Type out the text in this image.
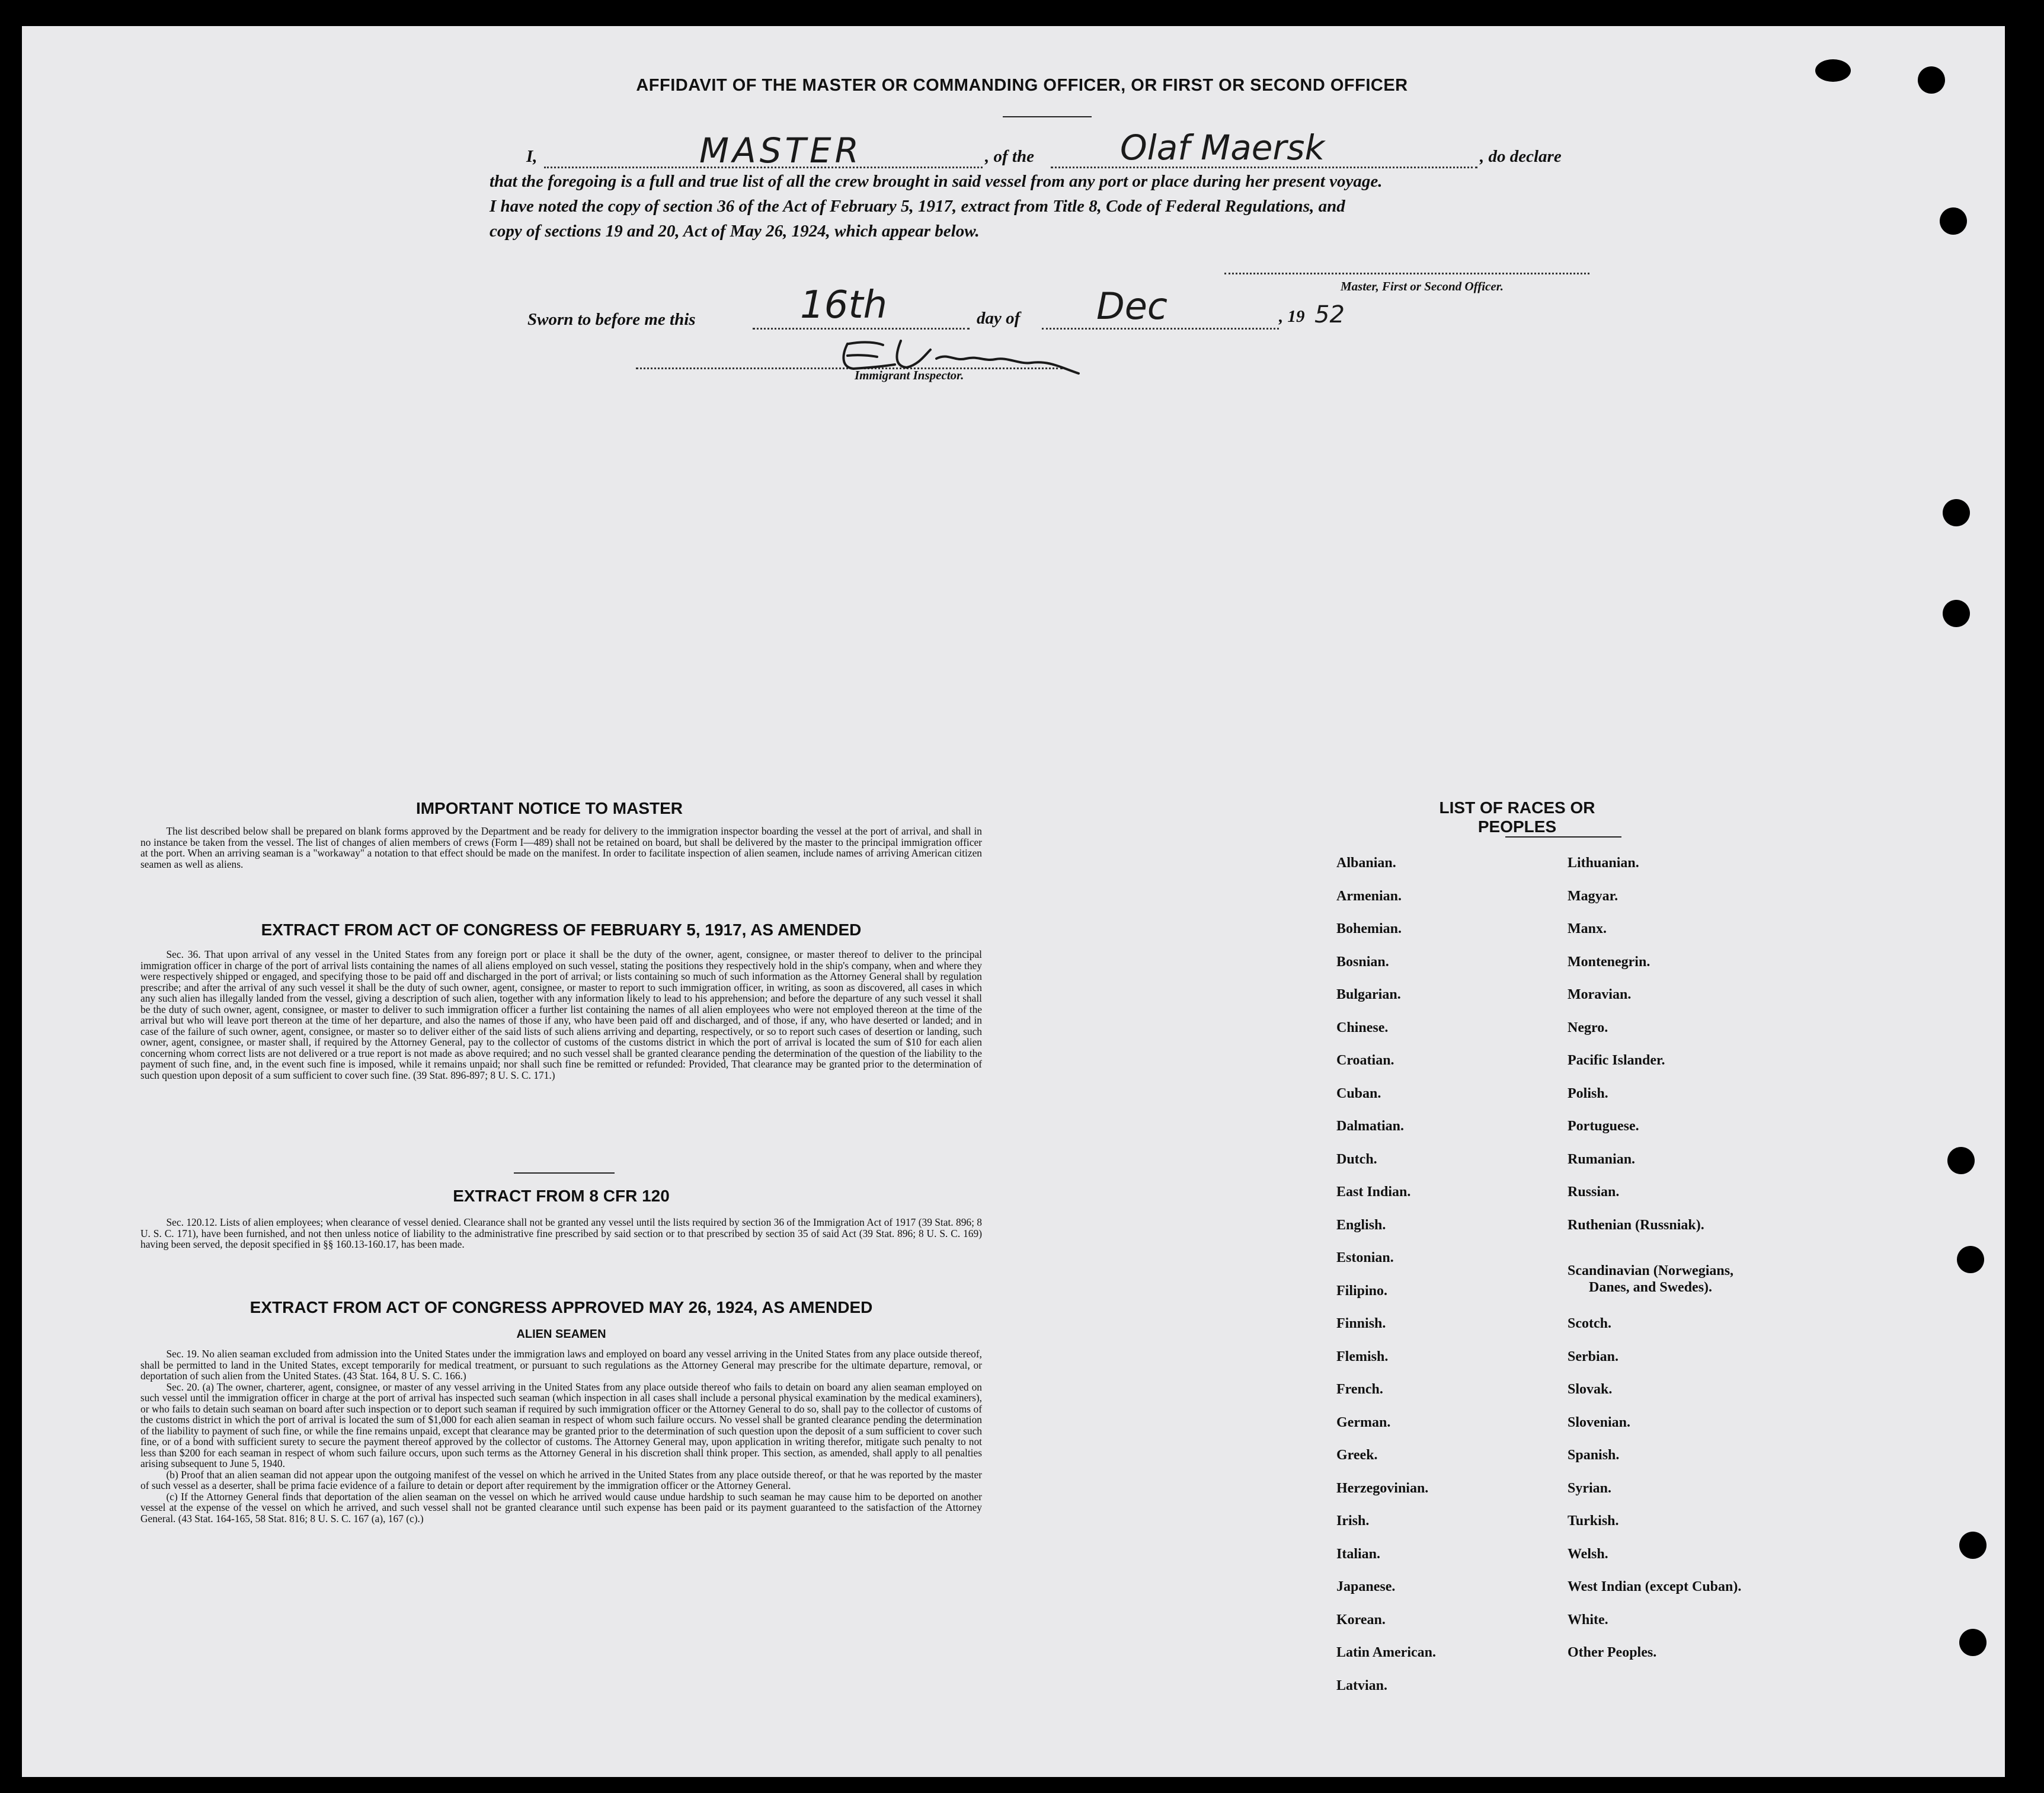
AFFIDAVIT OF THE MASTER OR COMMANDING OFFICER, OR FIRST OR SECOND OFFICER
I,	MASTER	, of the	Olaf Maersk	, do declare
that the foregoing is a full and true list of all the crew brought in said vessel from any port or place during her present voyage.
I have noted the copy of section 36 of the Act of February 5, 1917, extract from Title 8, Code of Federal Regulations, and
copy of sections 19 and 20, Act of May 26, 1924, which appear below.
Master, First or Second Officer.
Sworn to before me this	16th	day of Dec	, 19 52
Immigrant Inspector.
IMPORTANT NOTICE TO MASTER

The list described below shall be prepared on blank forms approved by the Department and be ready for delivery to the immigration inspector boarding the vessel at the port of arrival, and shall in no instance be taken from the vessel. The list of changes of alien members of crews (Form I—489) shall not be retained on board, but shall be delivered by the master to the principal immigration officer at the port. When an arriving seaman is a "workaway" a notation to that effect should be made on the manifest. In order to facilitate inspection of alien seamen, include names of arriving American citizen seamen as well as aliens.

EXTRACT FROM ACT OF CONGRESS OF FEBRUARY 5, 1917, AS AMENDED

Sec. 36. That upon arrival of any vessel in the United States from any foreign port or place it shall be the duty of the owner, agent, consignee, or master thereof to deliver to the principal immigration officer in charge of the port of arrival lists containing the names of all aliens employed on such vessel, stating the positions they respectively hold in the ship's company, when and where they were respectively shipped or engaged, and specifying those to be paid off and discharged in the port of arrival; or lists containing so much of such information as the Attorney General shall by regulation prescribe; and after the arrival of any such vessel it shall be the duty of such owner, agent, consignee, or master to report to such immigration officer, in writing, as soon as discovered, all cases in which any such alien has illegally landed from the vessel, giving a description of such alien, together with any information likely to lead to his apprehension; and before the departure of any such vessel it shall be the duty of such owner, agent, consignee, or master to deliver to such immigration officer a further list containing the names of all alien employees who were not employed thereon at the time of the arrival but who will leave port thereon at the time of her departure, and also the names of those if any, who have been paid off and discharged, and of those, if any, who have deserted or landed; and in case of the failure of such owner, agent, consignee, or master so to deliver either of the said lists of such aliens arriving and departing, respectively, or so to report such cases of desertion or landing, such owner, agent, consignee, or master shall, if required by the Attorney General, pay to the collector of customs of the customs district in which the port of arrival is located the sum of $10 for each alien concerning whom correct lists are not delivered or a true report is not made as above required; and no such vessel shall be granted clearance pending the determination of the question of the liability to the payment of such fine, and, in the event such fine is imposed, while it remains unpaid; nor shall such fine be remitted or refunded: Provided, That clearance may be granted prior to the determination of such question upon deposit of a sum sufficient to cover such fine. (39 Stat. 896-897; 8 U. S. C. 171.)

EXTRACT FROM 8 CFR 120

Sec. 120.12. Lists of alien employees; when clearance of vessel denied. Clearance shall not be granted any vessel until the lists required by section 36 of the Immigration Act of 1917 (39 Stat. 896; 8 U. S. C. 171), have been furnished, and not then unless notice of liability to the administrative fine prescribed by said section or to that prescribed by section 35 of said Act (39 Stat. 896; 8 U. S. C. 169) having been served, the deposit specified in §§ 160.13-160.17, has been made.

EXTRACT FROM ACT OF CONGRESS APPROVED MAY 26, 1924, AS AMENDED
ALIEN SEAMEN

Sec. 19. No alien seaman excluded from admission into the United States under the immigration laws and employed on board any vessel arriving in the United States from any place outside thereof, shall be permitted to land in the United States, except temporarily for medical treatment, or pursuant to such regulations as the Attorney General may prescribe for the ultimate departure, removal, or deportation of such alien from the United States. (43 Stat. 164, 8 U. S. C. 166.)

Sec. 20. (a) The owner, charterer, agent, consignee, or master of any vessel arriving in the United States from any place outside thereof who fails to detain on board any alien seaman employed on such vessel until the immigration officer in charge at the port of arrival has inspected such seaman (which inspection in all cases shall include a personal physical examination by the medical examiners), or who fails to detain such seaman on board after such inspection or to deport such seaman if required by such immigration officer or the Attorney General to do so, shall pay to the collector of customs of the customs district in which the port of arrival is located the sum of $1,000 for each alien seaman in respect of whom such failure occurs. No vessel shall be granted clearance pending the determination of the liability to payment of such fine, or while the fine remains unpaid, except that clearance may be granted prior to the determination of such question upon the deposit of a sum sufficient to cover such fine, or of a bond with sufficient surety to secure the payment thereof approved by the collector of customs. The Attorney General may, upon application in writing therefor, mitigate such penalty to not less than $200 for each seaman in respect of whom such failure occurs, upon such terms as the Attorney General in his discretion shall think proper. This section, as amended, shall apply to all penalties arising subsequent to June 5, 1940.

(b) Proof that an alien seaman did not appear upon the outgoing manifest of the vessel on which he arrived in the United States from any place outside thereof, or that he was reported by the master of such vessel as a deserter, shall be prima facie evidence of a failure to detain or deport after requirement by the immigration officer or the Attorney General.

(c) If the Attorney General finds that deportation of the alien seaman on the vessel on which he arrived would cause undue hardship to such seaman he may cause him to be deported on another vessel at the expense of the vessel on which he arrived, and such vessel shall not be granted clearance until such expense has been paid or its payment guaranteed to the satisfaction of the Attorney General. (43 Stat. 164-165, 58 Stat. 816; 8 U. S. C. 167 (a), 167 (c).)

LIST OF RACES OR PEOPLES
Albanian.
Armenian.
Bohemian.
Bosnian.
Bulgarian.
Chinese.
Croatian.
Cuban.
Dalmatian.
Dutch.
East Indian.
English.
Estonian.
Filipino.
Finnish.
Flemish.
French.
German.
Greek.
Herzegovinian.
Irish.
Italian.
Japanese.
Korean.
Latin American.
Latvian.
Lithuanian.
Magyar.
Manx.
Montenegrin.
Moravian.
Negro.
Pacific Islander.
Polish.
Portuguese.
Rumanian.
Russian.
Ruthenian (Russniak).
Scandinavian (Norwegians,
Danes, and Swedes).
Scotch.
Serbian.
Slovak.
Slovenian.
Spanish.
Syrian.
Turkish.
Welsh.
West Indian (except Cuban).
White.
Other Peoples.
